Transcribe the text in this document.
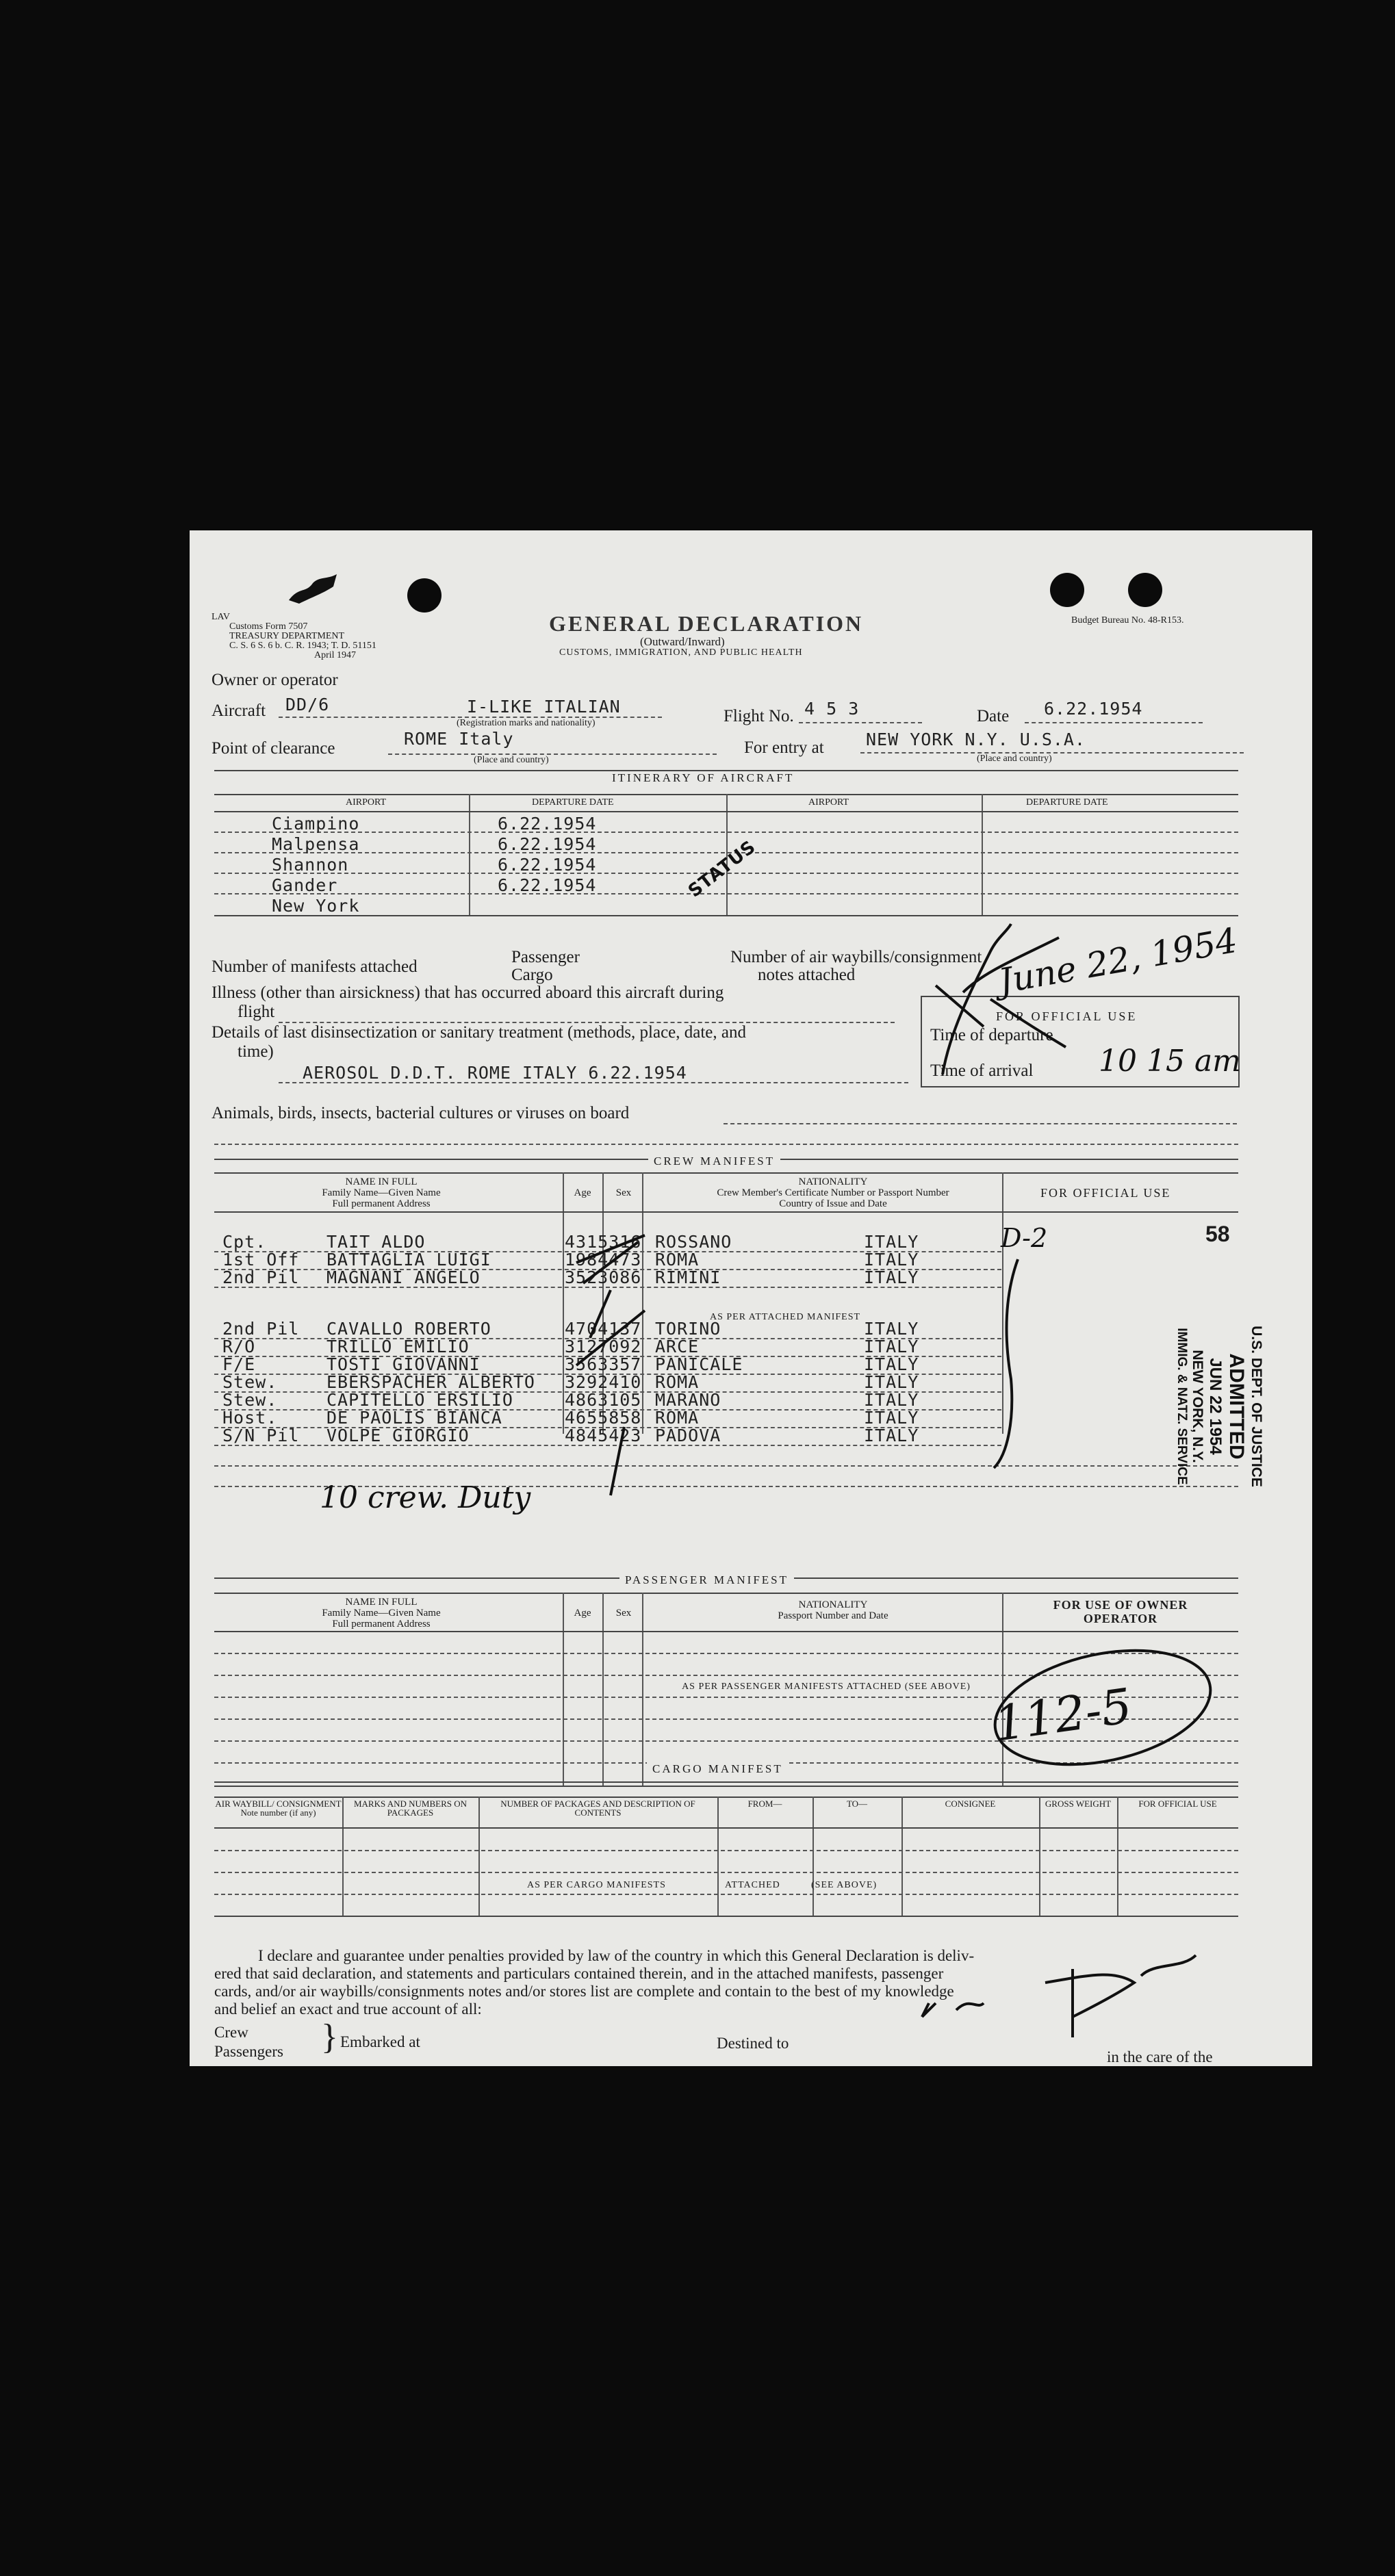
LAV
Customs Form 7507
TREASURY DEPARTMENT
C. S. 6 S. 6 b. C. R. 1943; T. D. 51151
April 1947
GENERAL DECLARATION
(Outward/Inward)
CUSTOMS, IMMIGRATION, AND PUBLIC HEALTH
Budget Bureau No. 48-R153.
Owner or operator
Aircraft DD/6	I-LIKE ITALIAN
(Registration marks and nationality)	Flight No. 4 5 3	Date 6.22.1954
Point of clearance	ROME Italy
(Place and country)
For entry at NEW YORK N.Y. U.S.A.
(Place and country)
ITINERARY OF AIRCRAFT
AIRPORT	DEPARTURE DATE	AIRPORT	DEPARTURE DATE
Ciampino	6.22.1954
Malpensa	6.22.1954
Shannon	6.22.1954
Gander	6.22.1954
New York
STATUS
Number of manifests attached
Passenger
Cargo
Number of air waybills/consignment
notes attached
Illness (other than airsickness) that has occurred aboard this aircraft during
flight
Details of last disinsectization or sanitary treatment (methods, place, date, and
time)
AEROSOL D.D.T. ROME ITALY 6.22.1954
Animals, birds, insects, bacterial cultures or viruses on board
FOR OFFICIAL USE
Time of departure
Time of arrival 10 15 am
June 22, 1954
CREW MANIFEST
NAME IN FULL
Family Name—Given Name
Full permanent Address
Age	Sex
NATIONALITY
Crew Member's Certificate Number or Passport Number
Country of Issue and Date
FOR OFFICIAL USE
AS PER ATTACHED MANIFEST
Cpt.	TAIT ALDO	4315316 ROSSANO	ITALY
1st Off BATTAGLIA LUIGI	1984473 ROMA	ITALY
2nd Pil MAGNANI ANGELO	3523086 RIMINI	ITALY
2nd Pil CAVALLO ROBERTO	4704137 TORINO	ITALY
R/O	TRILLO EMILIO	3127092 ARCE	ITALY
F/E	TOSTI GIOVANNI	3563357 PANICALE	ITALY
Stew.	EBERSPACHER ALBERTO 3292410 ROMA	ITALY
Stew.	CAPITELLO ERSILIO	4863105 MARANO	ITALY
Host.	DE PAOLIS BIANCA	4655858 ROMA	ITALY
S/N Pil VOLPE GIORGIO	4845423 PADOVA	ITALY
10 crew. Duty
D-2	58
U.S. DEPT. OF JUSTICE
ADMITTED
JUN 22 1954
NEW YORK, N.Y.
IMMIG. & NATZ. SERVICE
PASSENGER MANIFEST
NAME IN FULL
Family Name—Given Name
Full permanent Address
Age	Sex
NATIONALITY
Passport Number and Date
FOR USE OF OWNER OPERATOR
AS PER PASSENGER MANIFESTS ATTACHED (SEE ABOVE) 112-5
CARGO MANIFEST
AIR WAYBILL/ CONSIGNMENT Note number (if any)
MARKS AND NUMBERS ON PACKAGES
NUMBER OF PACKAGES AND DESCRIPTION OF CONTENTS
FROM—	TO—	CONSIGNEE	GROSS WEIGHT	FOR OFFICIAL USE
AS PER CARGO MANIFESTS	ATTACHED	(SEE ABOVE)
I declare and guarantee under penalties provided by law of the country in which this General Declaration is deliv-
ered that said declaration, and statements and particulars contained therein, and in the attached manifests, passenger
cards, and/or air waybills/consignments notes and/or stores list are complete and contain to the best of my knowledge
and belief an exact and true account of all:
Crew
Passengers } Embarked at	Destined to
in the care of the
